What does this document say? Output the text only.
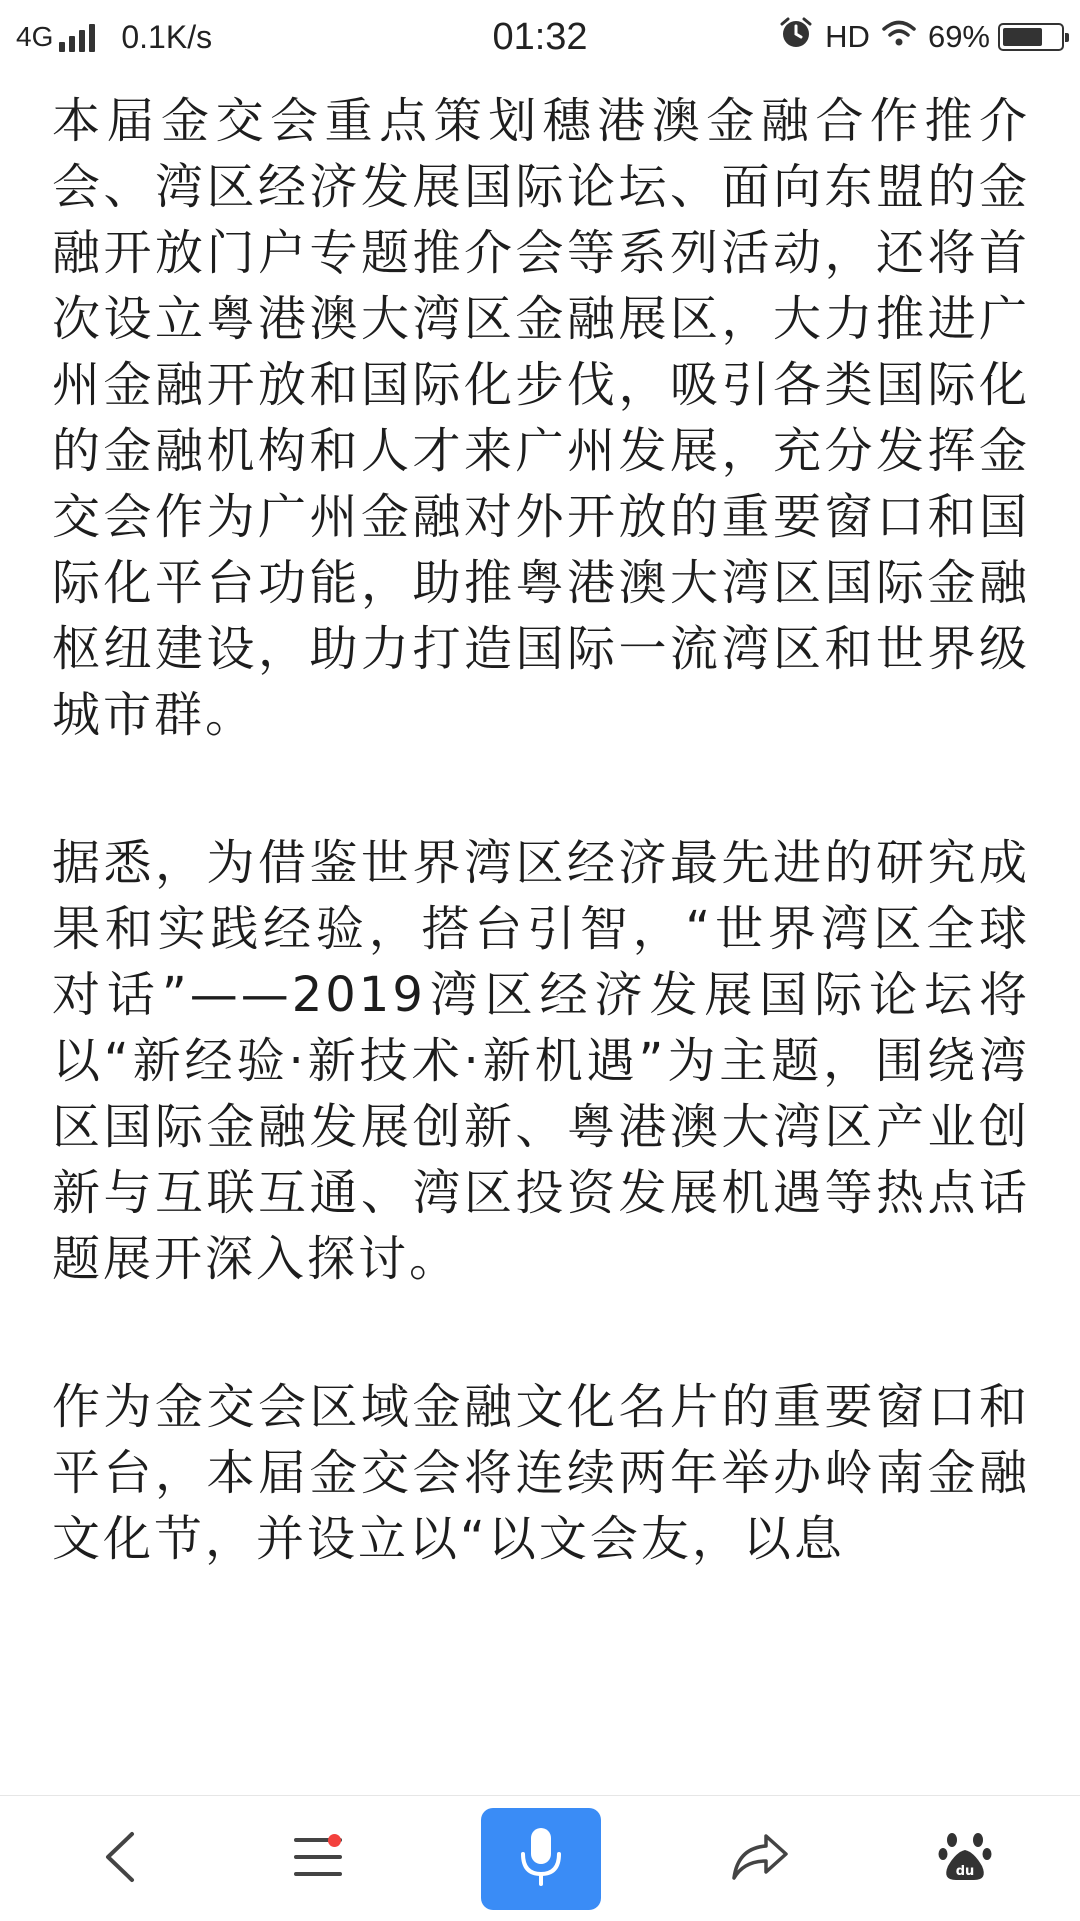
4G 0.1K/s	01:32	HD 69%

本届金交会重点策划穗港澳金融合作推介会、湾区经济发展国际论坛、面向东盟的金融开放门户专题推介会等系列活动，还将首次设立粤港澳大湾区金融展区，大力推进广州金融开放和国际化步伐，吸引各类国际化的金融机构和人才来广州发展，充分发挥金交会作为广州金融对外开放的重要窗口和国际化平台功能，助推粤港澳大湾区国际金融枢纽建设，助力打造国际一流湾区和世界级城市群。

据悉，为借鉴世界湾区经济最先进的研究成果和实践经验，搭台引智，“世界湾区全球对话”——2019湾区经济发展国际论坛将以“新经验·新技术·新机遇”为主题，围绕湾区国际金融发展创新、粤港澳大湾区产业创新与互联互通、湾区投资发展机遇等热点话题展开深入探讨。

作为金交会区域金融文化名片的重要窗口和平台，本届金交会将连续两年举办岭南金融文化节，并设立以“以文会友，以息

du
